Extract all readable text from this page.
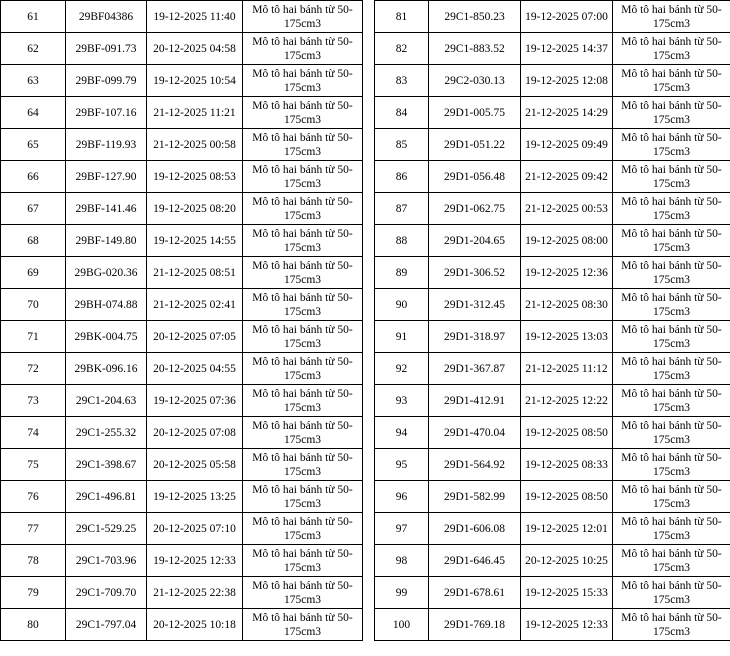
61	29BF04386	19-12-2025 11:40	Mô tô hai bánh từ 50-175cm3
62	29BF-091.73	20-12-2025 04:58	Mô tô hai bánh từ 50-175cm3
63	29BF-099.79	19-12-2025 10:54	Mô tô hai bánh từ 50-175cm3
64	29BF-107.16	21-12-2025 11:21	Mô tô hai bánh từ 50-175cm3
65	29BF-119.93	21-12-2025 00:58	Mô tô hai bánh từ 50-175cm3
66	29BF-127.90	19-12-2025 08:53	Mô tô hai bánh từ 50-175cm3
67	29BF-141.46	19-12-2025 08:20	Mô tô hai bánh từ 50-175cm3
68	29BF-149.80	19-12-2025 14:55	Mô tô hai bánh từ 50-175cm3
69	29BG-020.36	21-12-2025 08:51	Mô tô hai bánh từ 50-175cm3
70	29BH-074.88	21-12-2025 02:41	Mô tô hai bánh từ 50-175cm3
71	29BK-004.75	20-12-2025 07:05	Mô tô hai bánh từ 50-175cm3
72	29BK-096.16	20-12-2025 04:55	Mô tô hai bánh từ 50-175cm3
73	29C1-204.63	19-12-2025 07:36	Mô tô hai bánh từ 50-175cm3
74	29C1-255.32	20-12-2025 07:08	Mô tô hai bánh từ 50-175cm3
75	29C1-398.67	20-12-2025 05:58	Mô tô hai bánh từ 50-175cm3
76	29C1-496.81	19-12-2025 13:25	Mô tô hai bánh từ 50-175cm3
77	29C1-529.25	20-12-2025 07:10	Mô tô hai bánh từ 50-175cm3
78	29C1-703.96	19-12-2025 12:33	Mô tô hai bánh từ 50-175cm3
79	29C1-709.70	21-12-2025 22:38	Mô tô hai bánh từ 50-175cm3
80	29C1-797.04	20-12-2025 10:18	Mô tô hai bánh từ 50-175cm3
81	29C1-850.23	19-12-2025 07:00	Mô tô hai bánh từ 50-175cm3
82	29C1-883.52	19-12-2025 14:37	Mô tô hai bánh từ 50-175cm3
83	29C2-030.13	19-12-2025 12:08	Mô tô hai bánh từ 50-175cm3
84	29D1-005.75	21-12-2025 14:29	Mô tô hai bánh từ 50-175cm3
85	29D1-051.22	19-12-2025 09:49	Mô tô hai bánh từ 50-175cm3
86	29D1-056.48	21-12-2025 09:42	Mô tô hai bánh từ 50-175cm3
87	29D1-062.75	21-12-2025 00:53	Mô tô hai bánh từ 50-175cm3
88	29D1-204.65	19-12-2025 08:00	Mô tô hai bánh từ 50-175cm3
89	29D1-306.52	19-12-2025 12:36	Mô tô hai bánh từ 50-175cm3
90	29D1-312.45	21-12-2025 08:30	Mô tô hai bánh từ 50-175cm3
91	29D1-318.97	19-12-2025 13:03	Mô tô hai bánh từ 50-175cm3
92	29D1-367.87	21-12-2025 11:12	Mô tô hai bánh từ 50-175cm3
93	29D1-412.91	21-12-2025 12:22	Mô tô hai bánh từ 50-175cm3
94	29D1-470.04	19-12-2025 08:50	Mô tô hai bánh từ 50-175cm3
95	29D1-564.92	19-12-2025 08:33	Mô tô hai bánh từ 50-175cm3
96	29D1-582.99	19-12-2025 08:50	Mô tô hai bánh từ 50-175cm3
97	29D1-606.08	19-12-2025 12:01	Mô tô hai bánh từ 50-175cm3
98	29D1-646.45	20-12-2025 10:25	Mô tô hai bánh từ 50-175cm3
99	29D1-678.61	19-12-2025 15:33	Mô tô hai bánh từ 50-175cm3
100	29D1-769.18	19-12-2025 12:33	Mô tô hai bánh từ 50-175cm3
